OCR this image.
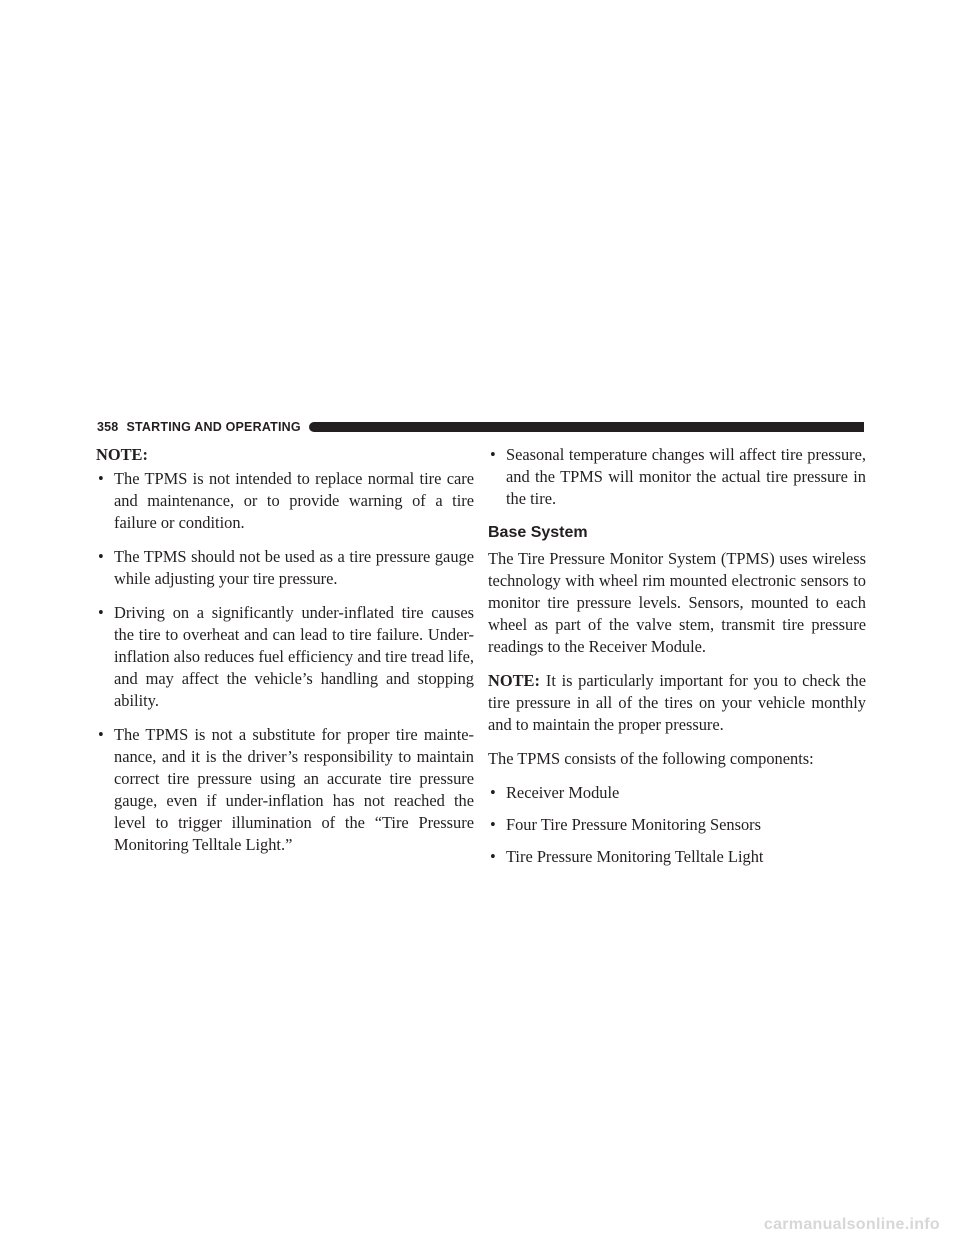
358 STARTING AND OPERATING
NOTE:
• The TPMS is not intended to replace normal tire care and maintenance, or to provide warning of a tire failure or condition.
• The TPMS should not be used as a tire pressure gauge while adjusting your tire pressure.
• Driving on a significantly under-inflated tire causes the tire to overheat and can lead to tire failure. Under-inflation also reduces fuel efficiency and tire tread life, and may affect the vehicle’s handling and stopping ability.
• The TPMS is not a substitute for proper tire mainte-nance, and it is the driver’s responsibility to maintain correct tire pressure using an accurate tire pressure gauge, even if under-inflation has not reached the level to trigger illumination of the “Tire Pressure Monitoring Telltale Light.”
• Seasonal temperature changes will affect tire pressure, and the TPMS will monitor the actual tire pressure in the tire.
Base System

The Tire Pressure Monitor System (TPMS) uses wireless technology with wheel rim mounted electronic sensors to monitor tire pressure levels. Sensors, mounted to each wheel as part of the valve stem, transmit tire pressure readings to the Receiver Module.

NOTE: It is particularly important for you to check the tire pressure in all of the tires on your vehicle monthly and to maintain the proper pressure.

The TPMS consists of the following components:

• Receiver Module
• Four Tire Pressure Monitoring Sensors
• Tire Pressure Monitoring Telltale Light
carmanualsonline.info
